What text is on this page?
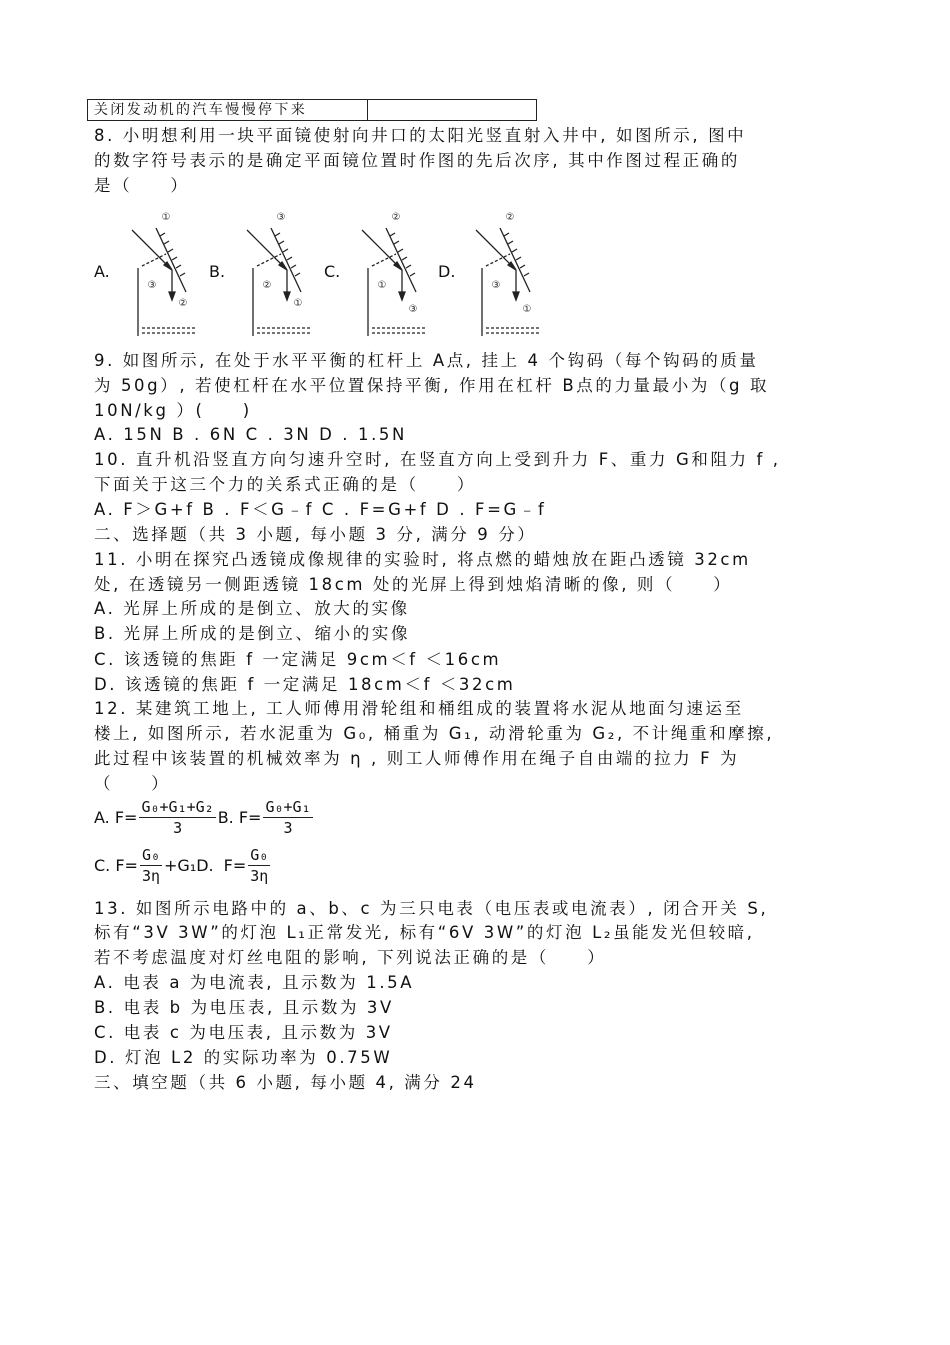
关闭发动机的汽车慢慢停下来
8. 小明想利用一块平面镜使射向井口的太阳光竖直射入井中, 如图所示, 图中
的数字符号表示的是确定平面镜位置时作图的先后次序, 其中作图过程正确的
是（　　）
A.	B.	C.	D.
①
③
②
③
②
①
②
①
③
②
③
①
9. 如图所示, 在处于水平平衡的杠杆上 A点, 挂上 4 个钩码（每个钩码的质量
为 50g）, 若使杠杆在水平位置保持平衡, 作用在杠杆 B点的力量最小为（g 取
10N/kg ）(　　)
A. 15N B . 6N C . 3N D . 1.5N
10. 直升机沿竖直方向匀速升空时, 在竖直方向上受到升力 F、重力 G和阻力 f ,
下面关于这三个力的关系式正确的是（　　）
A. F＞G+f B . F＜G﹣f C . F=G+f D . F=G﹣f
二、选择题（共 3 小题, 每小题 3 分, 满分 9 分）
11. 小明在探究凸透镜成像规律的实验时, 将点燃的蜡烛放在距凸透镜 32cm
处, 在透镜另一侧距透镜 18cm 处的光屏上得到烛焰清晰的像, 则（　　）
A. 光屏上所成的是倒立、放大的实像
B. 光屏上所成的是倒立、缩小的实像
C. 该透镜的焦距 f 一定满足 9cm＜f ＜16cm
D. 该透镜的焦距 f 一定满足 18cm＜f ＜32cm
12. 某建筑工地上, 工人师傅用滑轮组和桶组成的装置将水泥从地面匀速运至
楼上, 如图所示, 若水泥重为 G₀, 桶重为 G₁, 动滑轮重为 G₂, 不计绳重和摩擦,
此过程中该装置的机械效率为 η , 则工人师傅作用在绳子自由端的拉力 F 为
（　　）
A. $F= \frac{\text{G₀+G₁+G₂}}{3} B$. $F= \frac{\text{G₀+G₁}}{3}$
C. $F= \frac{\text{G₀}}{3\eta} +G_1D$. $F= \frac{\text{G₀}}{3\eta}$
13. 如图所示电路中的 a、b、c 为三只电表（电压表或电流表）, 闭合开关 S,
标有“3V 3W”的灯泡 L₁正常发光, 标有“6V 3W”的灯泡 L₂虽能发光但较暗,
若不考虑温度对灯丝电阻的影响, 下列说法正确的是（　　）
A. 电表 a 为电流表, 且示数为 1.5A
B. 电表 b 为电压表, 且示数为 3V
C. 电表 c 为电压表, 且示数为 3V
D. 灯泡 L2 的实际功率为 0.75W
三、填空题（共 6 小题, 每小题 4, 满分 24
